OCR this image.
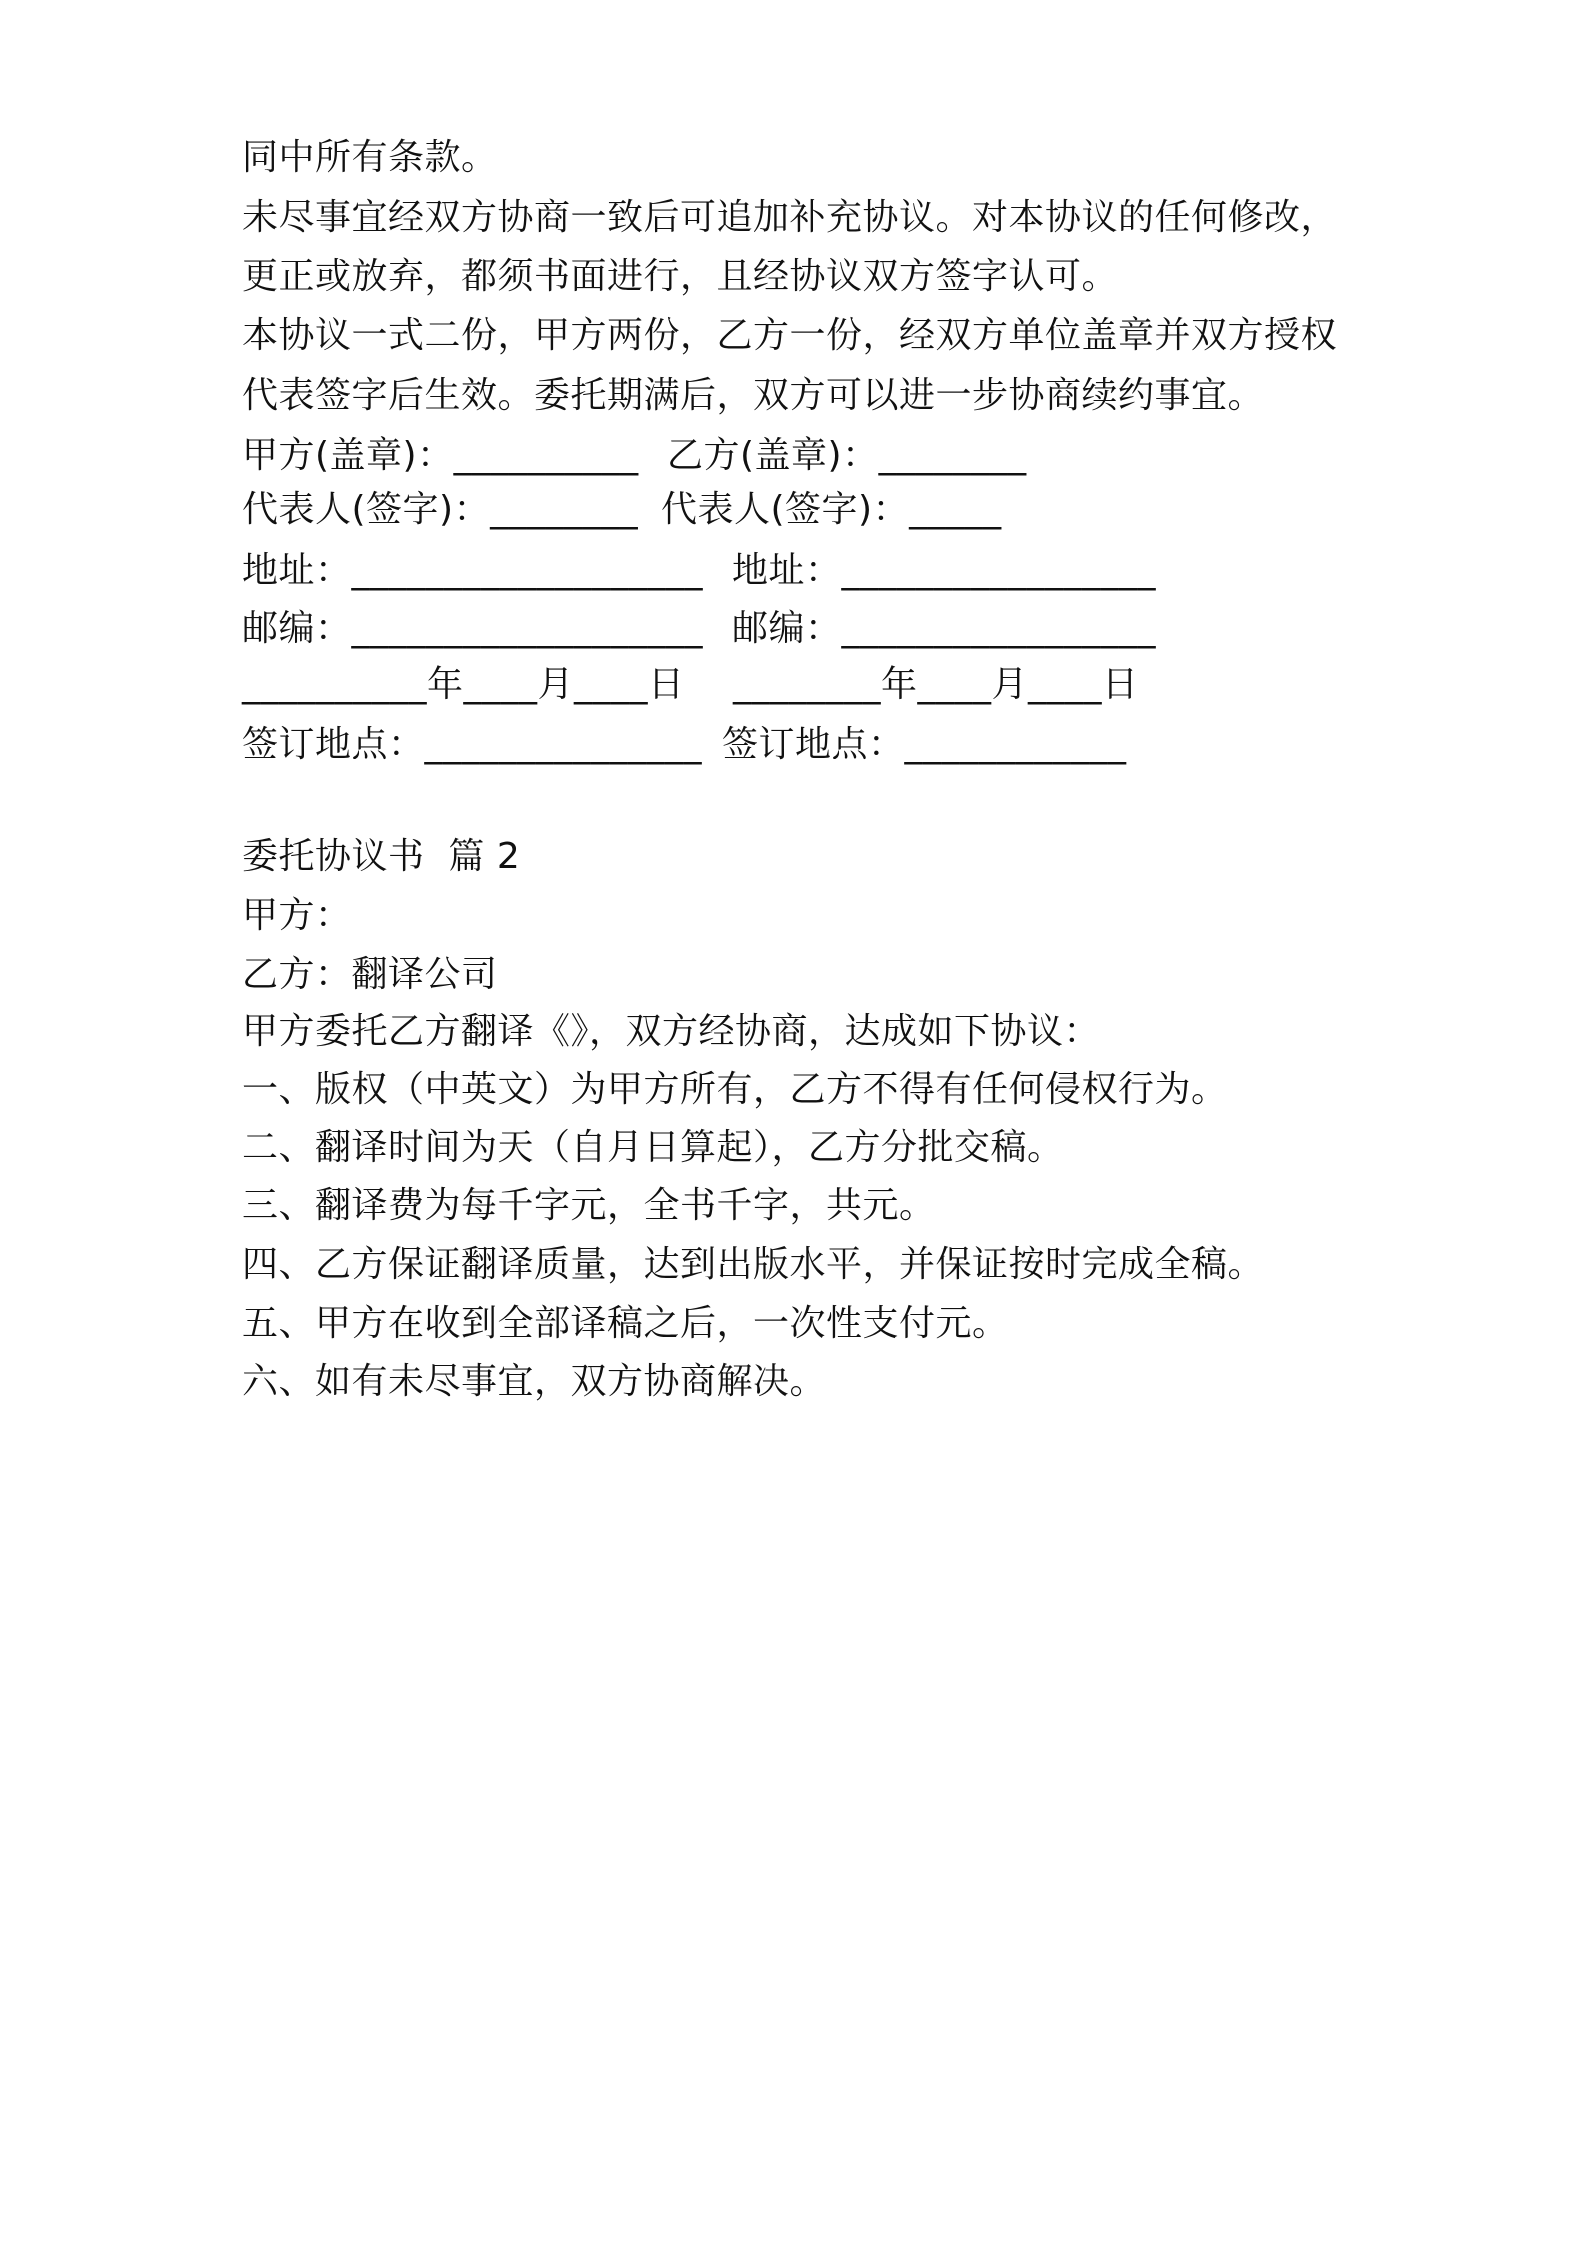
同中所有条款。
未尽事宜经双方协商一致后可追加补充协议。对本协议的任何修改，
更正或放弃，都须书面进行，且经协议双方签字认可。
本协议一式二份，甲方两份，乙方一份，经双方单位盖章并双方授权
代表签字后生效。委托期满后，双方可以进一步协商续约事宜。
甲方(盖章)：__________ 乙方(盖章)：________
代表人(签字)：________ 代表人(签字)：_____
地址：___________________ 地址：_________________
邮编：___________________ 邮编：_________________
__________年____月____日 ________年____月____日
签订地点：_______________ 签订地点：____________
委托协议书  篇 2
甲方：
乙方：翻译公司
甲方委托乙方翻译《》，双方经协商，达成如下协议：
一、版权（中英文）为甲方所有，乙方不得有任何侵权行为。
二、翻译时间为天（自月日算起），乙方分批交稿。
三、翻译费为每千字元，全书千字，共元。
四、乙方保证翻译质量，达到出版水平，并保证按时完成全稿。
五、甲方在收到全部译稿之后，一次性支付元。
六、如有未尽事宜，双方协商解决。
